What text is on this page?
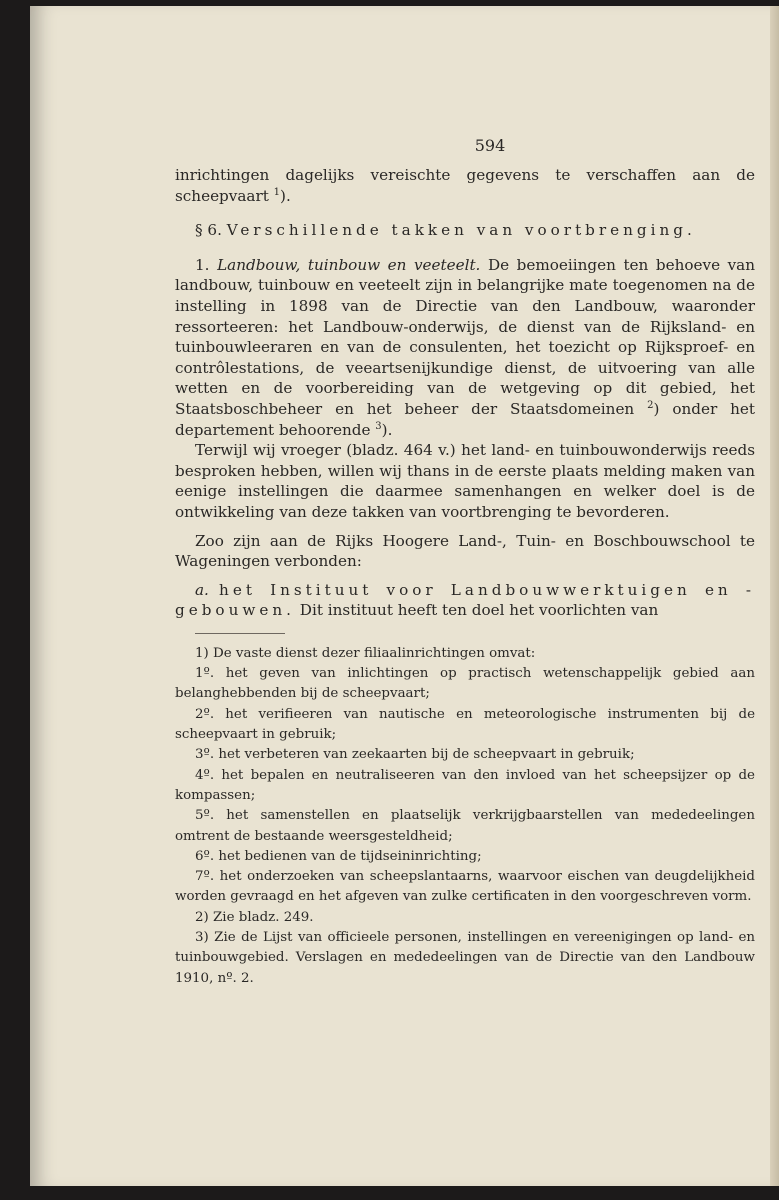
594

inrichtingen dagelijks vereischte gegevens te verschaffen aan de scheepvaart $^1$).

§ 6. Verschillende takken van voortbrenging.

1. Landbouw, tuinbouw en veeteelt. De bemoeiingen ten behoeve van landbouw, tuinbouw en veeteelt zijn in belangrijke mate toegenomen na de instelling in 1898 van de Directie van den Landbouw, waaronder ressorteeren: het Landbouw-onderwijs, de dienst van de Rijksland- en tuinbouwleeraren en van de consulenten, het toezicht op Rijksproef- en contrôlestations, de veeartsenijkundige dienst, de uitvoering van alle wetten en de voorbereiding van de wetgeving op dit gebied, het Staatsboschbeheer en het beheer der Staatsdomeinen $^2$) onder het departement behoorende $^3$).

Terwijl wij vroeger (bladz. 464 v.) het land- en tuinbouwonderwijs reeds besproken hebben, willen wij thans in de eerste plaats melding maken van eenige instellingen die daarmee samenhangen en welker doel is de ontwikkeling van deze takken van voortbrenging te bevorderen.

Zoo zijn aan de Rijks Hoogere Land-, Tuin- en Boschbouwschool te Wageningen verbonden:

a. het Instituut voor Landbouwwerktuigen en -gebouwen. Dit instituut heeft ten doel het voorlichten van

1) De vaste dienst dezer filiaalinrichtingen omvat:

1º. het geven van inlichtingen op practisch wetenschappelijk gebied aan belanghebbenden bij de scheepvaart;

2º. het verifieeren van nautische en meteorologische instrumenten bij de scheepvaart in gebruik;

3º. het verbeteren van zeekaarten bij de scheepvaart in gebruik;

4º. het bepalen en neutraliseeren van den invloed van het scheepsijzer op de kompassen;

5º. het samenstellen en plaatselijk verkrijgbaarstellen van mededeelingen omtrent de bestaande weersgesteldheid;

6º. het bedienen van de tijdseininrichting;

7º. het onderzoeken van scheepslantaarns, waarvoor eischen van deugdelijkheid worden gevraagd en het afgeven van zulke certificaten in den voorgeschreven vorm.

2) Zie bladz. 249.

3) Zie de Lijst van officieele personen, instellingen en vereenigingen op land- en tuinbouwgebied. Verslagen en mededeelingen van de Directie van den Landbouw 1910, nº. 2.
